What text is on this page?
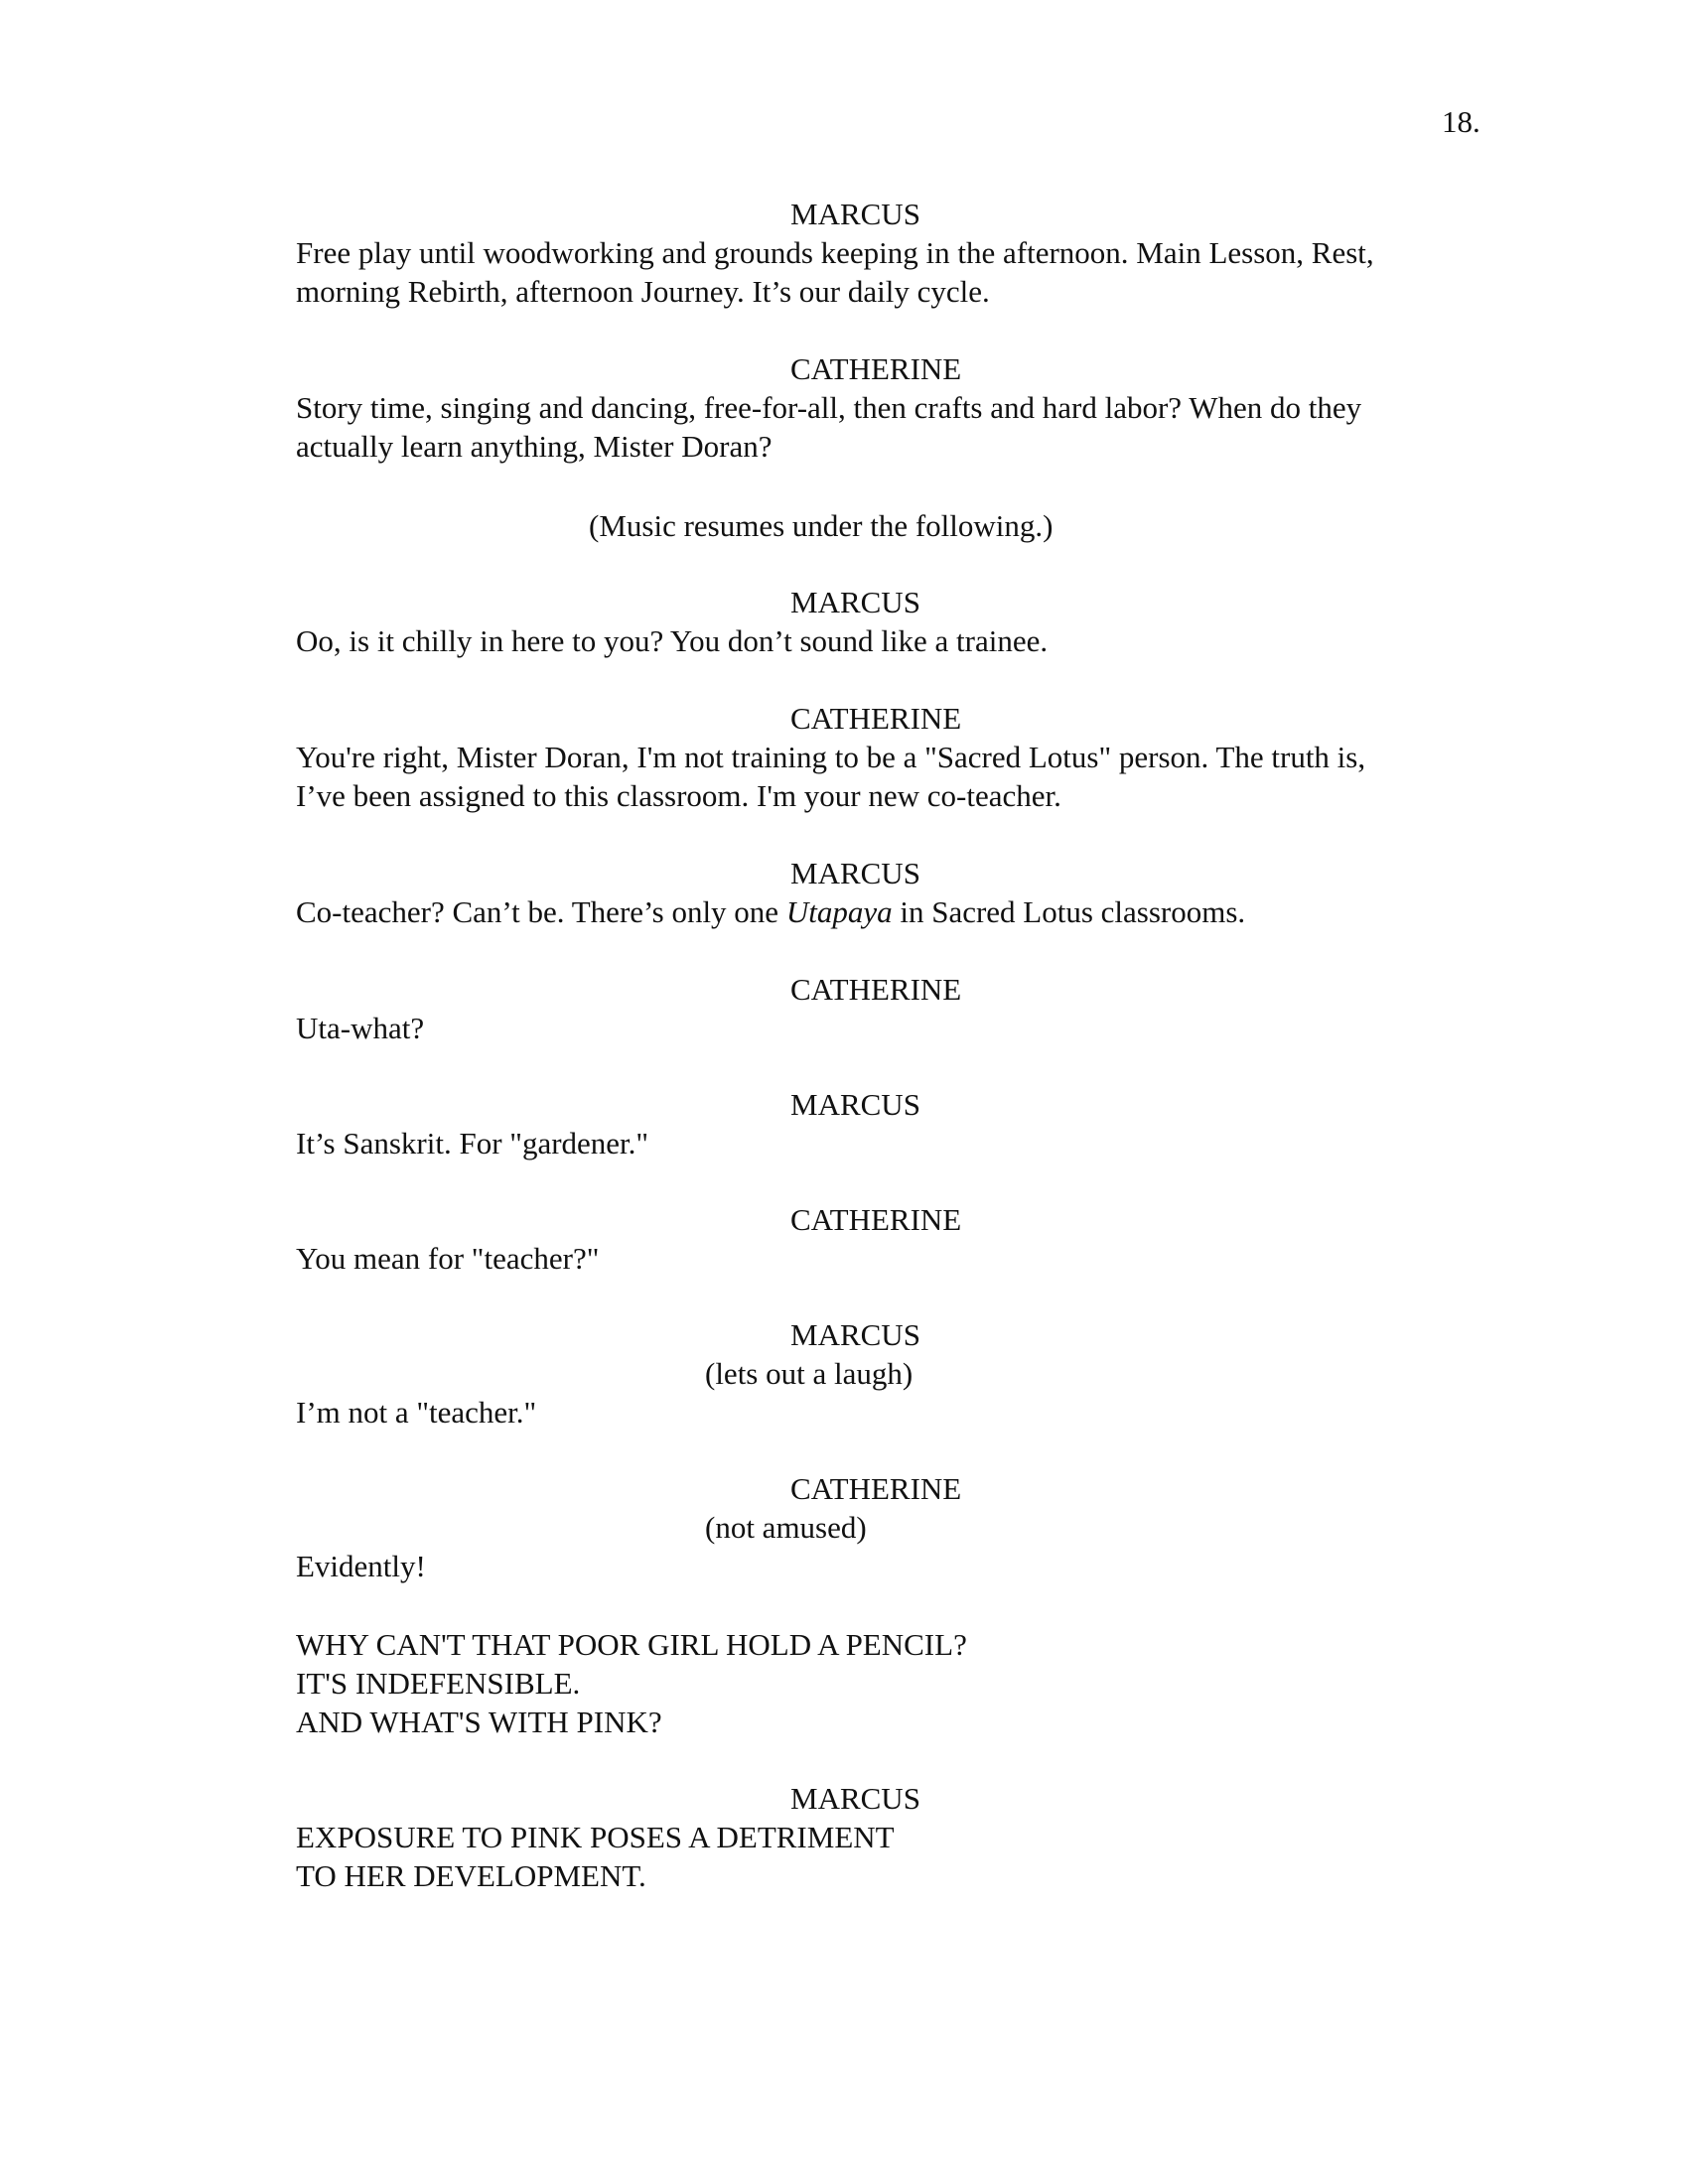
18.

MARCUS

Free play until woodworking and grounds keeping in the afternoon. Main Lesson, Rest,

morning Rebirth, afternoon Journey. It’s our daily cycle.

CATHERINE

Story time, singing and dancing, free-for-all, then crafts and hard labor? When do they

actually learn anything, Mister Doran?

(Music resumes under the following.)

MARCUS

Oo, is it chilly in here to you? You don’t sound like a trainee.

CATHERINE

You're right, Mister Doran, I'm not training to be a "Sacred Lotus" person. The truth is,

I’ve been assigned to this classroom. I'm your new co-teacher.

MARCUS

Co-teacher? Can’t be. There’s only one Utapaya in Sacred Lotus classrooms.

CATHERINE

Uta-what?

MARCUS

It’s Sanskrit. For "gardener."

CATHERINE

You mean for "teacher?"

MARCUS

(lets out a laugh)

I’m not a "teacher."

CATHERINE

(not amused)

Evidently!

WHY CAN'T THAT POOR GIRL HOLD A PENCIL?

IT'S INDEFENSIBLE.

AND WHAT'S WITH PINK?

MARCUS

EXPOSURE TO PINK POSES A DETRIMENT

TO HER DEVELOPMENT.
